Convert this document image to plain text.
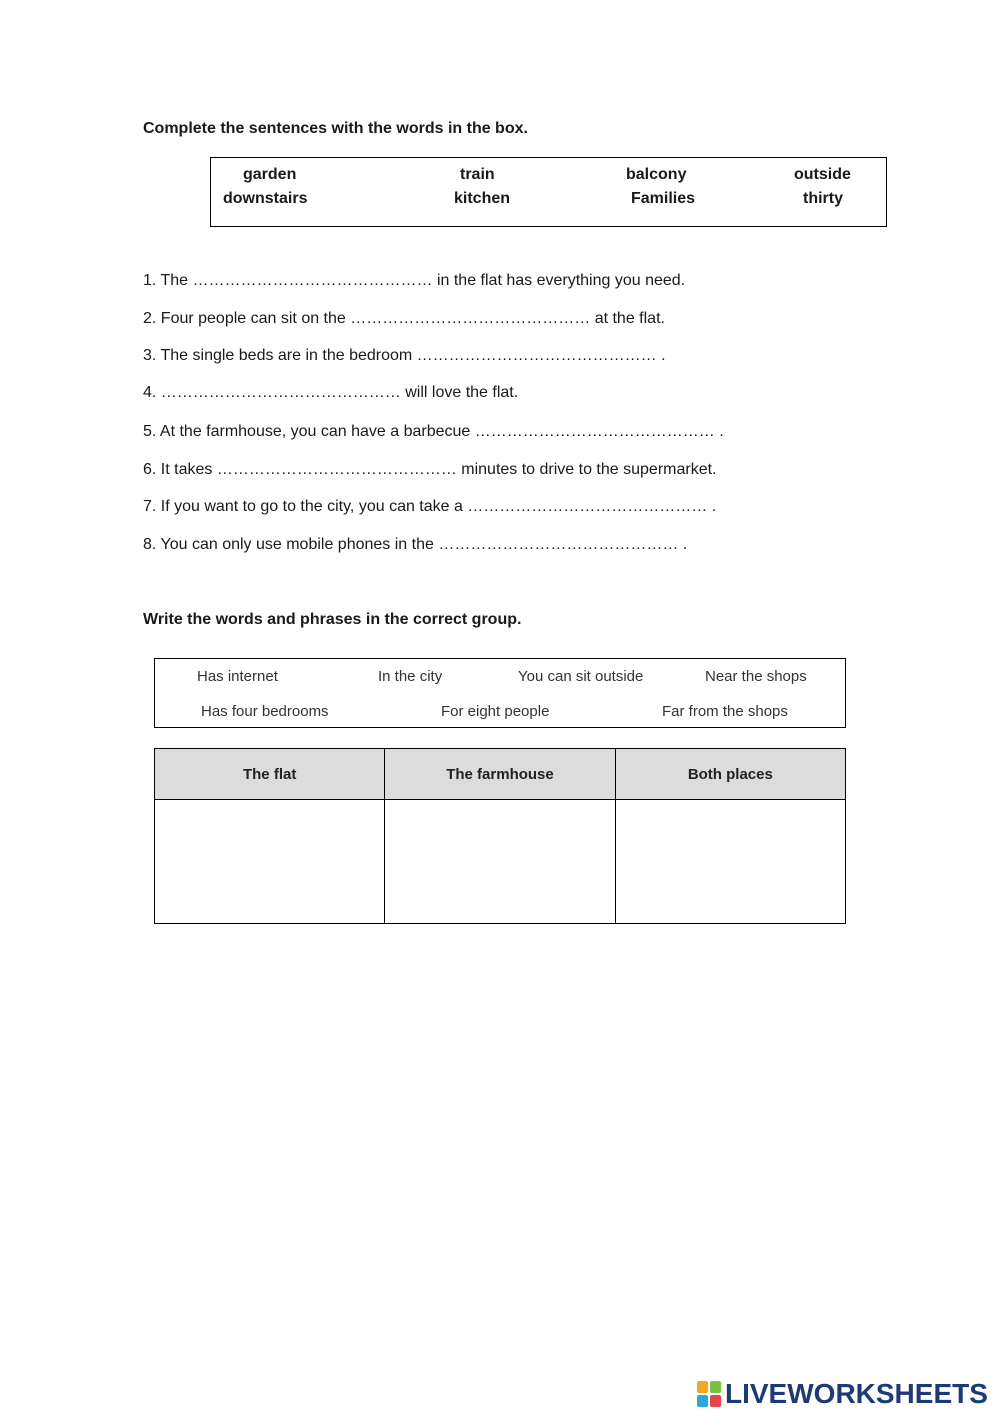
Complete the sentences with the words in the box.
garden	train	balcony	outside
downstairs	kitchen	Families	thirty
1. The ……………………………………… in the flat has everything you need.
2. Four people can sit on the ……………………………………… at the flat.
3. The single beds are in the bedroom ……………………………………… .
4. ……………………………………… will love the flat.
5. At the farmhouse, you can have a barbecue ……………………………………… .
6. It takes ……………………………………… minutes to drive to the supermarket.
7. If you want to go to the city, you can take a ……………………………………… .
8. You can only use mobile phones in the ……………………………………… .
Write the words and phrases in the correct group.
Has internet	In the city	You can sit outside	Near the shops
Has four bedrooms	For eight people	Far from the shops
The flat	The farmhouse	Both places

LIVEWORKSHEETS
